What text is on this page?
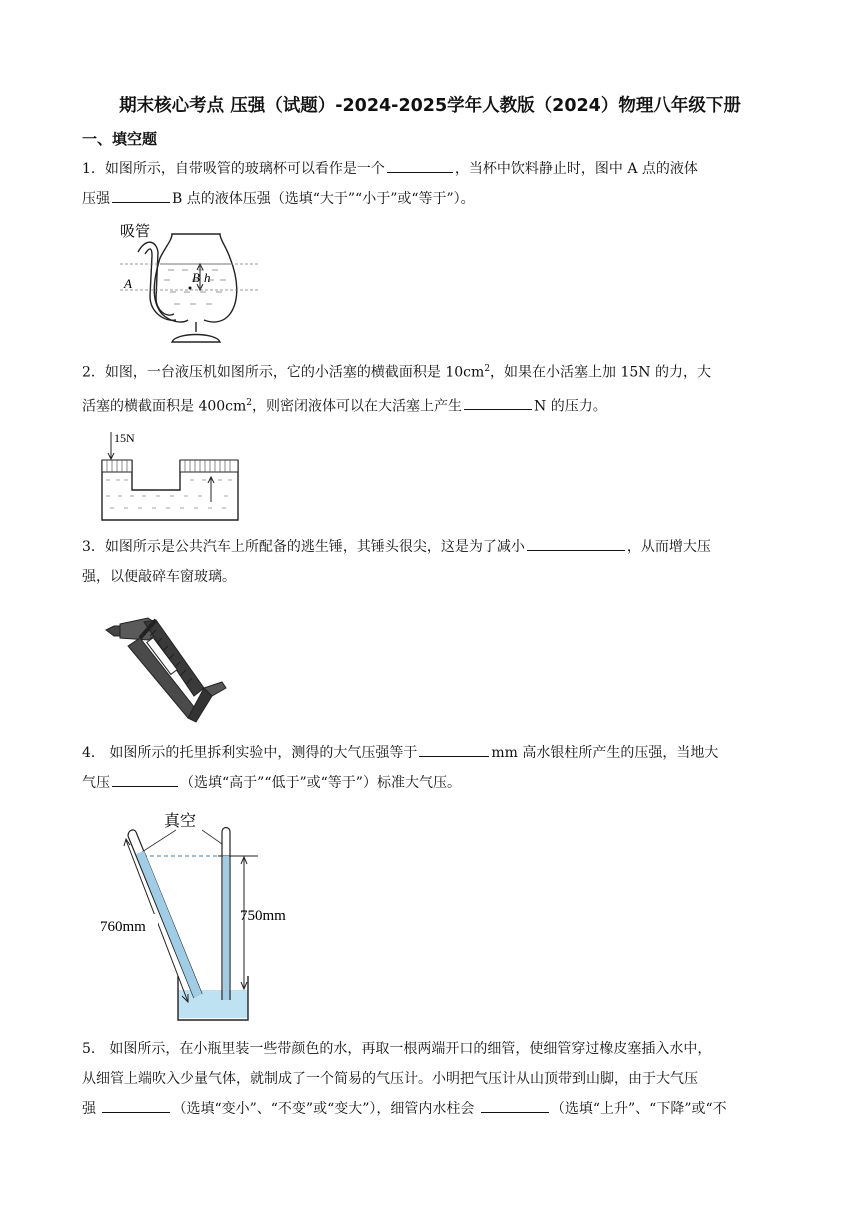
期末核心考点 压强（试题）-2024-2025学年人教版（2024）物理八年级下册
一、填空题
1．如图所示，自带吸管的玻璃杯可以看作是一个	，当杯中饮料静止时，图中 A 点的液体
压强	B 点的液体压强（选填“大于”“小于”或“等于”）。
吸管
A	B h
2．如图，一台液压机如图所示，它的小活塞的横截面积是 $10cm^2$，如果在小活塞上加 15N 的力，大
活塞的横截面积是 $400cm^2$，则密闭液体可以在大活塞上产生	N 的压力。
15N
3．如图所示是公共汽车上所配备的逃生锤，其锤头很尖，这是为了减小	，从而增大压
强，以便敲碎车窗玻璃。
4． 如图所示的托里拆利实验中，测得的大气压强等于	mm 高水银柱所产生的压强，当地大
气压	（选填“高于”“低于”或“等于”）标准大气压。
真空
760mm
750mm
5． 如图所示，在小瓶里装一些带颜色的水，再取一根两端开口的细管，使细管穿过橡皮塞插入水中，
从细管上端吹入少量气体，就制成了一个简易的气压计。小明把气压计从山顶带到山脚，由于大气压
强	（选填“变小”、“不变”或“变大”），细管内水柱会	（选填“上升”、“下降”或“不
